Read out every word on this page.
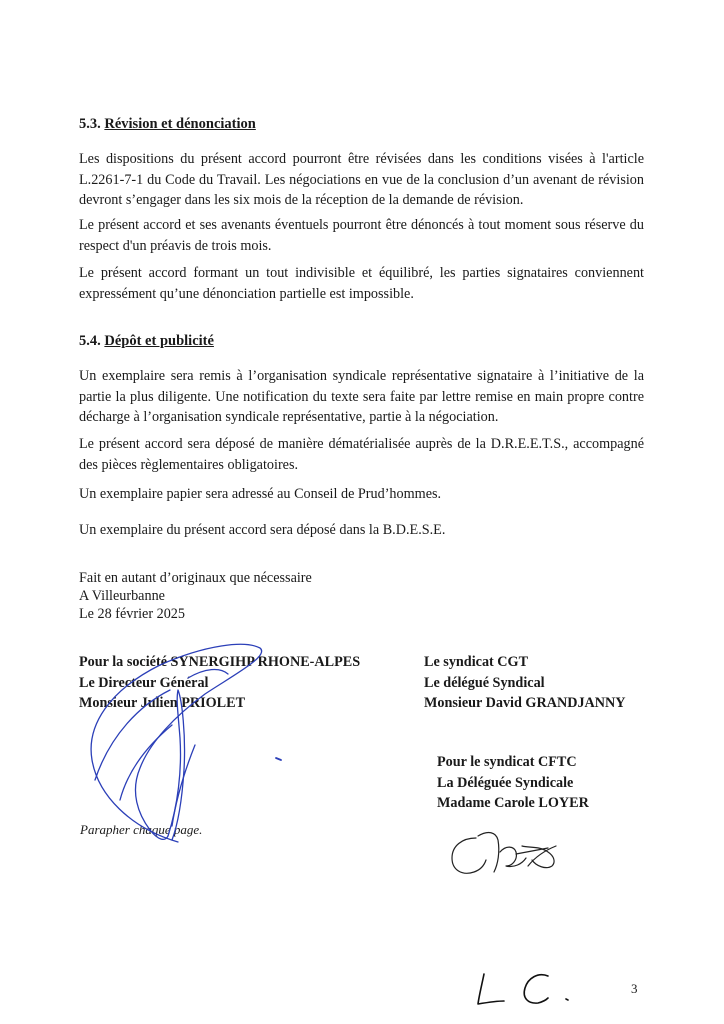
5.3. Révision et dénonciation

Les dispositions du présent accord pourront être révisées dans les conditions visées à l'article L.2261-7-1 du Code du Travail. Les négociations en vue de la conclusion d’un avenant de révision devront s’engager dans les six mois de la réception de la demande de révision.

Le présent accord et ses avenants éventuels pourront être dénoncés à tout moment sous réserve du respect d'un préavis de trois mois.

Le présent accord formant un tout indivisible et équilibré, les parties signataires conviennent expressément qu’une dénonciation partielle est impossible.

5.4. Dépôt et publicité

Un exemplaire sera remis à l’organisation syndicale représentative signataire à l’initiative de la partie la plus diligente. Une notification du texte sera faite par lettre remise en main propre contre décharge à l’organisation syndicale représentative, partie à la négociation.

Le présent accord sera déposé de manière dématérialisée auprès de la D.R.E.E.T.S., accompagné des pièces règlementaires obligatoires.

Un exemplaire papier sera adressé au Conseil de Prud’hommes.

Un exemplaire du présent accord sera déposé dans la B.D.E.S.E.

Fait en autant d’originaux que nécessaire
A Villeurbanne
Le 28 février 2025
Pour la société SYNERGIHP RHONE-ALPES
Le Directeur Général
Monsieur Julien PRIOLET
Le syndicat CGT
Le délégué Syndical
Monsieur David GRANDJANNY
Pour le syndicat CFTC
La Déléguée Syndicale
Madame Carole LOYER
Parapher chaque page.
3
